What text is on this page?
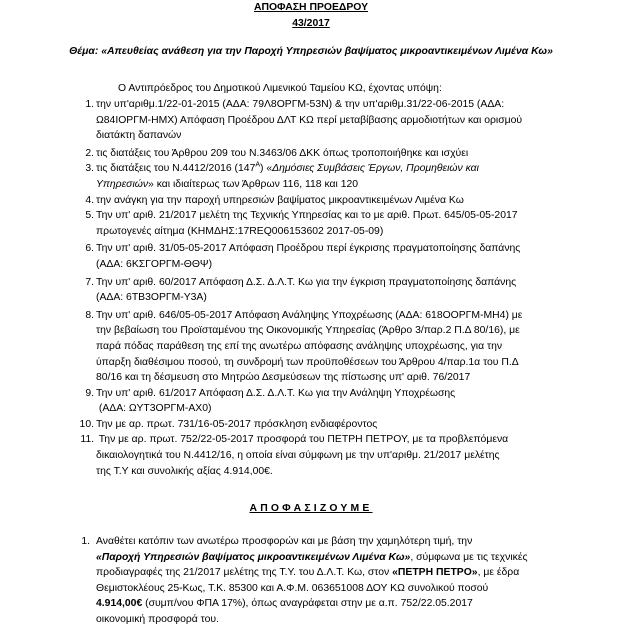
ΑΠΟΦΑΣΗ ΠΡΟΕΔΡΟΥ
43/2017
Θέμα: «Απευθείας ανάθεση για την Παροχή Υπηρεσιών βαψίματος μικροαντικειμένων Λιμένα Κω»
Ο Αντιπρόεδρος του Δημοτικού Λιμενικού Ταμείου ΚΩ, έχοντας υπόψη:
1. την υπ'αριθμ.1/22-01-2015 (ΑΔΑ: 79Λ8ΟΡΓΜ-53Ν) & την υπ'αριθμ.31/22-06-2015 (ΑΔΑ:
Ω84ΙΟΡΓΜ-ΗΜΧ) Απόφαση Προέδρου ΔΛΤ ΚΩ περί μεταβίβασης αρμοδιοτήτων και ορισμού
διατάκτη δαπανών
2. τις διατάξεις του Άρθρου 209 του Ν.3463/06 ΔΚΚ όπως τροποποιήθηκε και ισχύει
3. τις διατάξεις του Ν.4412/2016 $(147^A)$ «Δημόσιες Συμβάσεις Έργων, Προμηθειών και
Υπηρεσιών» και ιδιαίτερως των Άρθρων 116, 118 και 120
4. την ανάγκη για την παροχή υπηρεσιών βαψίματος μικροαντικειμένων Λιμένα Κω
5. Την υπ' αριθ. 21/2017 μελέτη της Τεχνικής Υπηρεσίας και το με αριθ. Πρωτ. 645/05-05-2017
πρωτογενές αίτημα (ΚΗΜΔΗΣ:17REQ006153602 2017-05-09)
6. Την υπ' αριθ. 31/05-05-2017 Απόφαση Προέδρου περί έγκρισης πραγματοποίησης δαπάνης
(ΑΔΑ: 6ΚΣΓΟΡΓΜ-ΘΘΨ)
7. Την υπ' αριθ. 60/2017 Απόφαση Δ.Σ. Δ.Λ.Τ. Κω για την έγκριση πραγματοποίησης δαπάνης
(ΑΔΑ: 6ΤΒ3ΟΡΓΜ-Υ3Α)
8. Την υπ' αριθ. 646/05-05-2017 Απόφαση Ανάληψης Υποχρέωσης (ΑΔΑ: 618ΟΟΡΓΜ-ΜΗ4) με
την βεβαίωση του Προϊσταμένου της Οικονομικής Υπηρεσίας (Άρθρο 3/παρ.2 Π.Δ 80/16), με
παρά πόδας παράθεση της επί της ανωτέρω απόφασης ανάληψης υποχρέωσης, για την
ύπαρξη διαθέσιμου ποσού, τη συνδρομή των προϋποθέσεων του Άρθρου 4/παρ.1α του Π.Δ
80/16 και τη δέσμευση στο Μητρώο Δεσμεύσεων της πίστωσης υπ' αριθ. 76/2017
9. Την υπ' αριθ. 61/2017 Απόφαση Δ.Σ. Δ.Λ.Τ. Κω για την Ανάληψη Υποχρέωσης
(ΑΔΑ: ΩΥΤ3ΟΡΓΜ-ΑΧ0)
10. Την με αρ. πρωτ. 731/16-05-2017 πρόσκληση ενδιαφέροντος
11. Την με αρ. πρωτ. 752/22-05-2017 προσφορά του ΠΕΤΡΗ ΠΕΤΡΟΥ, με τα προβλεπόμενα
δικαιολογητικά του Ν.4412/16, η οποία είναι σύμφωνη με την υπ'αριθμ. 21/2017 μελέτης
της Τ.Υ και συνολικής αξίας 4.914,00€.
ΑΠΟΦΑΣΙΖΟΥΜΕ
1. Αναθέτει κατόπιν των ανωτέρω προσφορών και με βάση την χαμηλότερη τιμή, την
«Παροχή Υπηρεσιών βαψίματος μικροαντικειμένων Λιμένα Κω», σύμφωνα με τις τεχνικές
προδιαγραφές της 21/2017 μελέτης της Τ.Υ. του Δ.Λ.Τ. Κω, στον «ΠΕΤΡΗ ΠΕΤΡΟ», με έδρα
Θεμιστοκλέους 25-Κως, Τ.Κ. 85300 και Α.Φ.Μ. 063651008 ΔΟΥ ΚΩ συνολικού ποσού
4.914,00€ (συμπ/νου ΦΠΑ 17%), όπως αναγράφεται στην με α.π. 752/22.05.2017
οικονομική προσφορά του.
